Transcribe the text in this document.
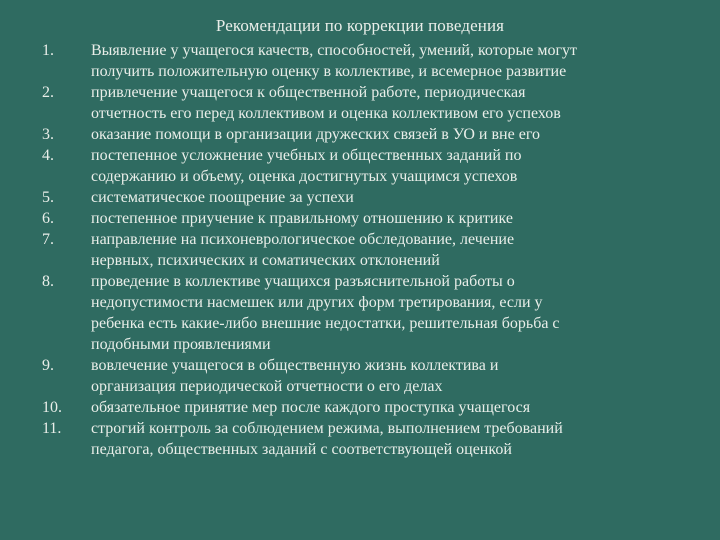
Рекомендации по коррекции поведения
1.	Выявление у учащегося качеств, способностей, умений, которые могут
получить положительную оценку в коллективе, и всемерное развитие
2.	привлечение учащегося к общественной работе, периодическая
отчетность его перед коллективом и оценка коллективом его успехов
3.	оказание помощи в организации дружеских связей в УО и вне его
4.	постепенное усложнение учебных и общественных заданий по
содержанию и объему, оценка достигнутых учащимся успехов
5.	систематическое поощрение за успехи
6.	постепенное приучение к правильному отношению к критике
7.	направление на психоневрологическое обследование, лечение
нервных, психических и соматических отклонений
8.	проведение в коллективе учащихся разъяснительной работы о
недопустимости насмешек или других форм третирования, если у
ребенка есть какие-либо внешние недостатки, решительная борьба с
подобными проявлениями
9.	вовлечение учащегося в общественную жизнь коллектива и
организация периодической отчетности о его делах
10.	обязательное принятие мер после каждого проступка учащегося
11.	строгий контроль за соблюдением режима, выполнением требований
педагога, общественных заданий с соответствующей оценкой
